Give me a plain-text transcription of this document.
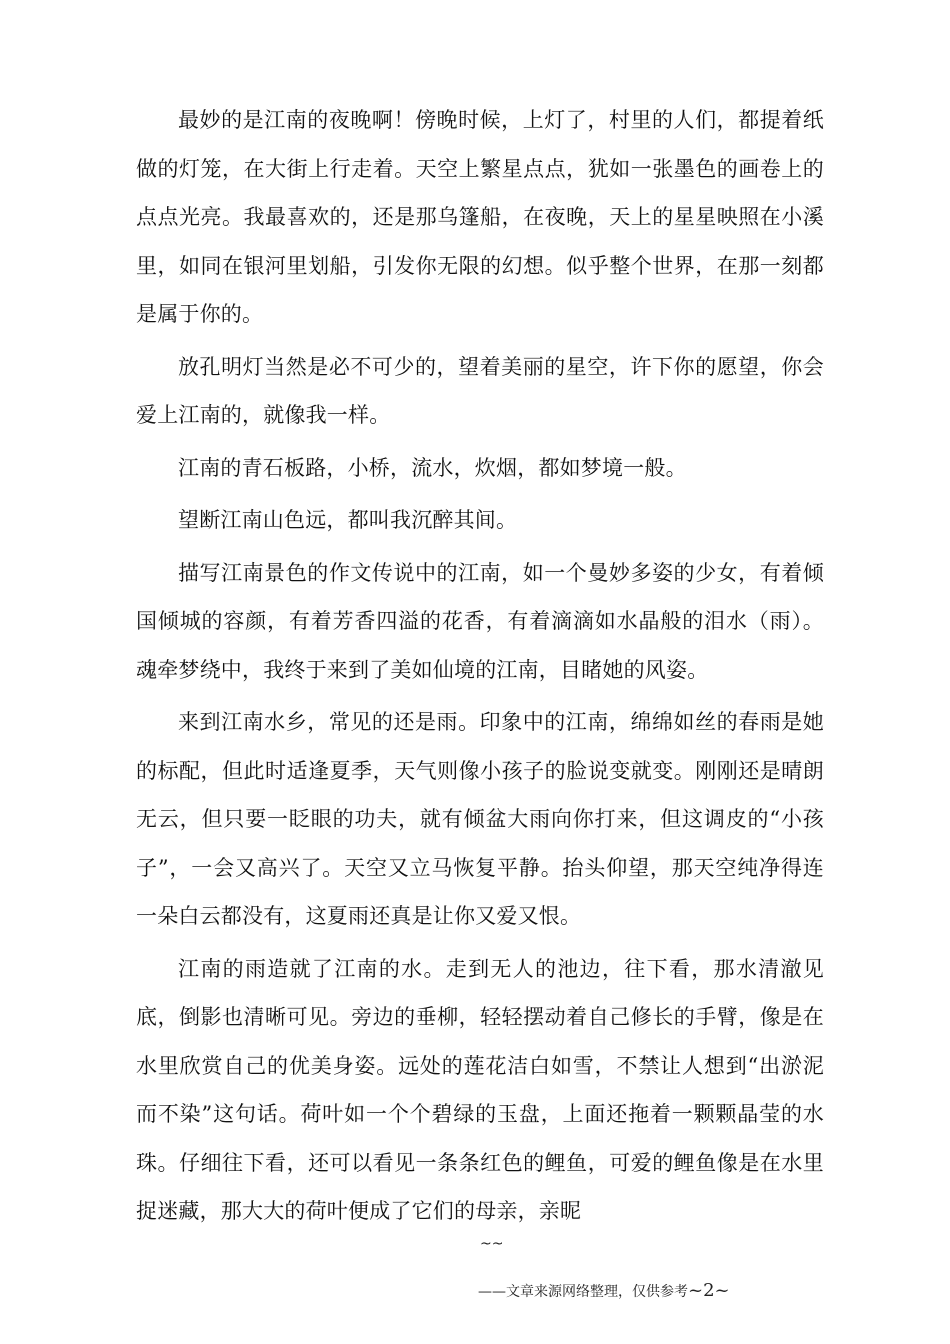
最妙的是江南的夜晚啊！傍晚时候，上灯了，村里的人们，都提着纸做的灯笼，在大街上行走着。天空上繁星点点，犹如一张墨色的画卷上的点点光亮。我最喜欢的，还是那乌篷船，在夜晚，天上的星星映照在小溪里，如同在银河里划船，引发你无限的幻想。似乎整个世界，在那一刻都是属于你的。

放孔明灯当然是必不可少的，望着美丽的星空，许下你的愿望，你会爱上江南的，就像我一样。

江南的青石板路，小桥，流水，炊烟，都如梦境一般。

望断江南山色远，都叫我沉醉其间。

描写江南景色的作文传说中的江南，如一个曼妙多姿的少女，有着倾国倾城的容颜，有着芳香四溢的花香，有着滴滴如水晶般的泪水（雨）。魂牵梦绕中，我终于来到了美如仙境的江南，目睹她的风姿。

来到江南水乡，常见的还是雨。印象中的江南，绵绵如丝的春雨是她的标配，但此时适逢夏季，天气则像小孩子的脸说变就变。刚刚还是晴朗无云，但只要一眨眼的功夫，就有倾盆大雨向你打来，但这调皮的“小孩子”，一会又高兴了。天空又立马恢复平静。抬头仰望，那天空纯净得连一朵白云都没有，这夏雨还真是让你又爱又恨。

江南的雨造就了江南的水。走到无人的池边，往下看，那水清澈见底，倒影也清晰可见。旁边的垂柳，轻轻摆动着自己修长的手臂，像是在水里欣赏自己的优美身姿。远处的莲花洁白如雪，不禁让人想到“出淤泥而不染”这句话。荷叶如一个个碧绿的玉盘，上面还拖着一颗颗晶莹的水珠。仔细往下看，还可以看见一条条红色的鲤鱼，可爱的鲤鱼像是在水里捉迷藏，那大大的荷叶便成了它们的母亲，亲昵

~~
——文章来源网络整理，仅供参考~2~
